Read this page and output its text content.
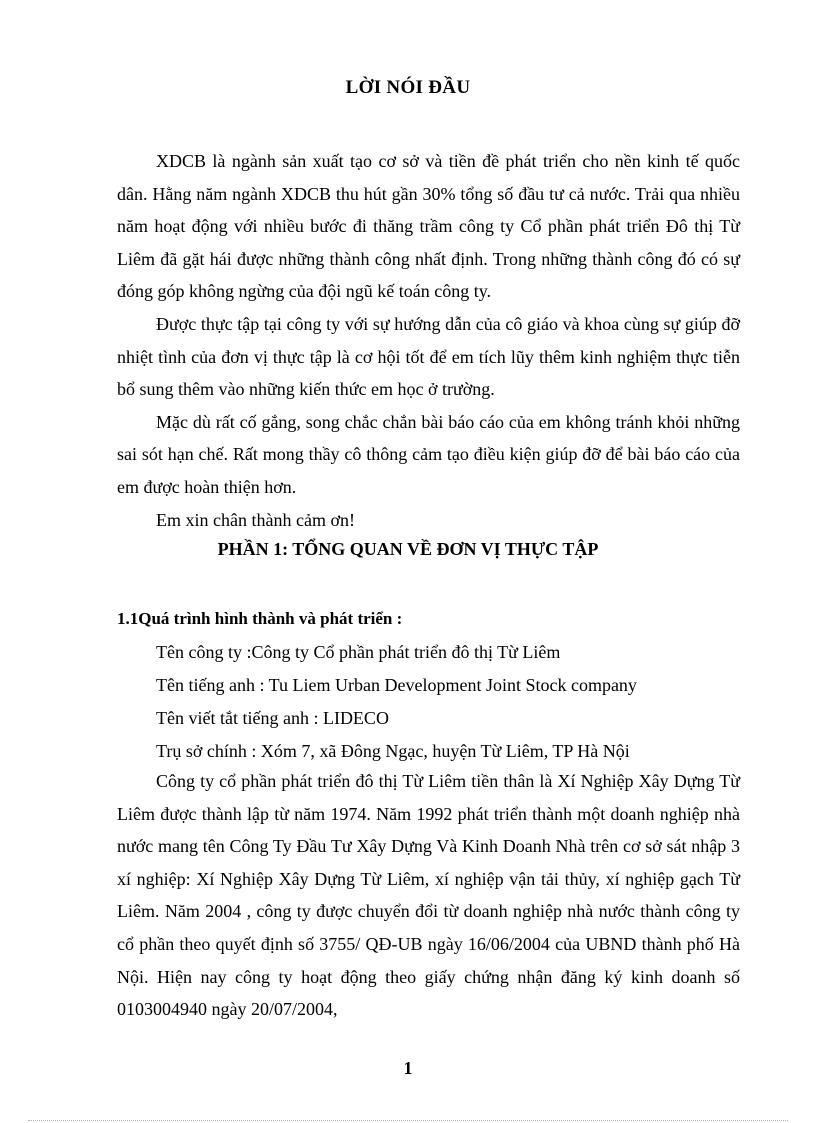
LỜI NÓI ĐẦU

XDCB là ngành sản xuất tạo cơ sở và tiền đề phát triển cho nền kinh tế quốc dân. Hằng năm ngành XDCB thu hút gần 30% tổng số đầu tư cả nước. Trải qua nhiều năm hoạt động với nhiều bước đi thăng trầm công ty Cổ phần phát triển Đô thị Từ Liêm đã gặt hái được những thành công nhất định. Trong những thành công đó có sự đóng góp không ngừng của đội ngũ kế toán công ty.

Được thực tập tại công ty với sự hướng dẫn của cô giáo và khoa cùng sự giúp đỡ nhiệt tình của đơn vị thực tập là cơ hội tốt để em tích lũy thêm kinh nghiệm thực tiễn bổ sung thêm vào những kiến thức em học ở trường.

Mặc dù rất cố gắng, song chắc chắn bài báo cáo của em không tránh khỏi những sai sót hạn chế. Rất mong thầy cô thông cảm tạo điều kiện giúp đỡ để bài báo cáo của em được hoàn thiện hơn.

Em xin chân thành cảm ơn!

PHẦN 1: TỔNG QUAN VỀ ĐƠN VỊ THỰC TẬP
1.1Quá trình hình thành và phát triển :
Tên công ty :Công ty Cổ phần phát triển đô thị Từ Liêm
Tên tiếng anh : Tu Liem Urban Development Joint Stock company
Tên viết tắt tiếng anh : LIDECO
Trụ sở chính : Xóm 7, xã Đông Ngạc, huyện Từ Liêm, TP Hà Nội

Công ty cổ phần phát triển đô thị Từ Liêm tiền thân là Xí Nghiệp Xây Dựng Từ Liêm được thành lập từ năm 1974. Năm 1992 phát triển thành một doanh nghiệp nhà nước mang tên Công Ty Đầu Tư Xây Dựng Và Kinh Doanh Nhà trên cơ sở sát nhập 3 xí nghiệp: Xí Nghiệp Xây Dựng Từ Liêm, xí nghiệp vận tải thủy, xí nghiệp gạch Từ Liêm. Năm 2004 , công ty được chuyển đổi từ doanh nghiệp nhà nước thành công ty cổ phần theo quyết định số 3755/ QĐ-UB ngày 16/06/2004 của UBND thành phố Hà Nội. Hiện nay công ty hoạt động theo giấy chứng nhận đăng ký kinh doanh số 0103004940 ngày 20/07/2004,

1
